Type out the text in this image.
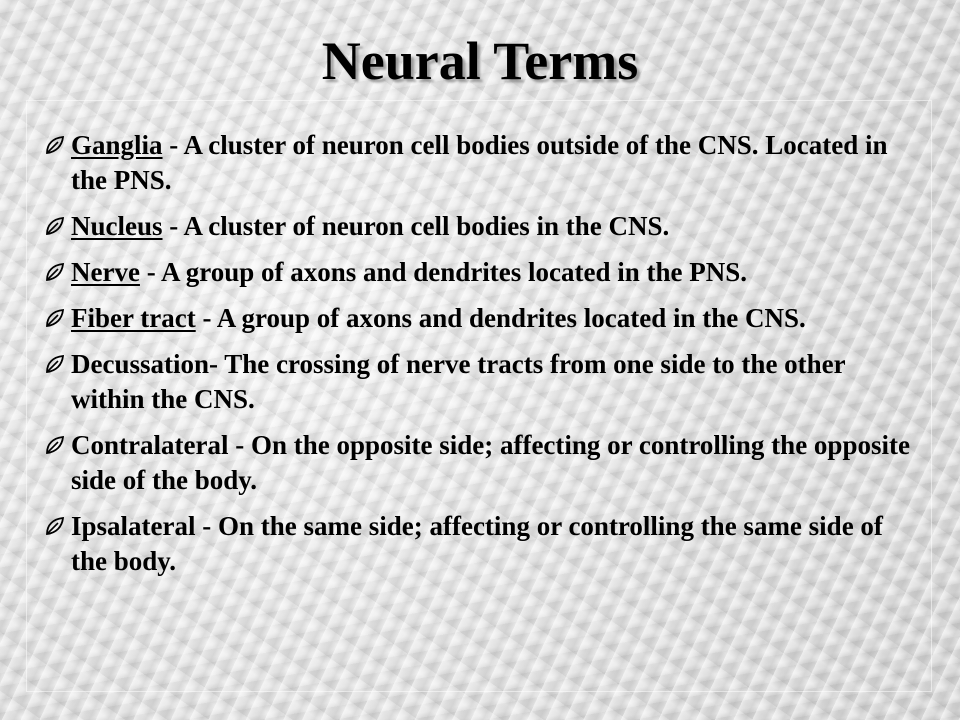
Neural Terms
Ganglia - A cluster of neuron cell bodies outside of the CNS. Located in the PNS.
Nucleus - A cluster of neuron cell bodies in the CNS.
Nerve - A group of axons and dendrites located in the PNS.
Fiber tract - A group of axons and dendrites located in the CNS.
Decussation- The crossing of nerve tracts from one side to the other within the CNS.
Contralateral - On the opposite side; affecting or controlling the opposite side of the body.
Ipsalateral - On the same side; affecting or controlling the same side of the body.
